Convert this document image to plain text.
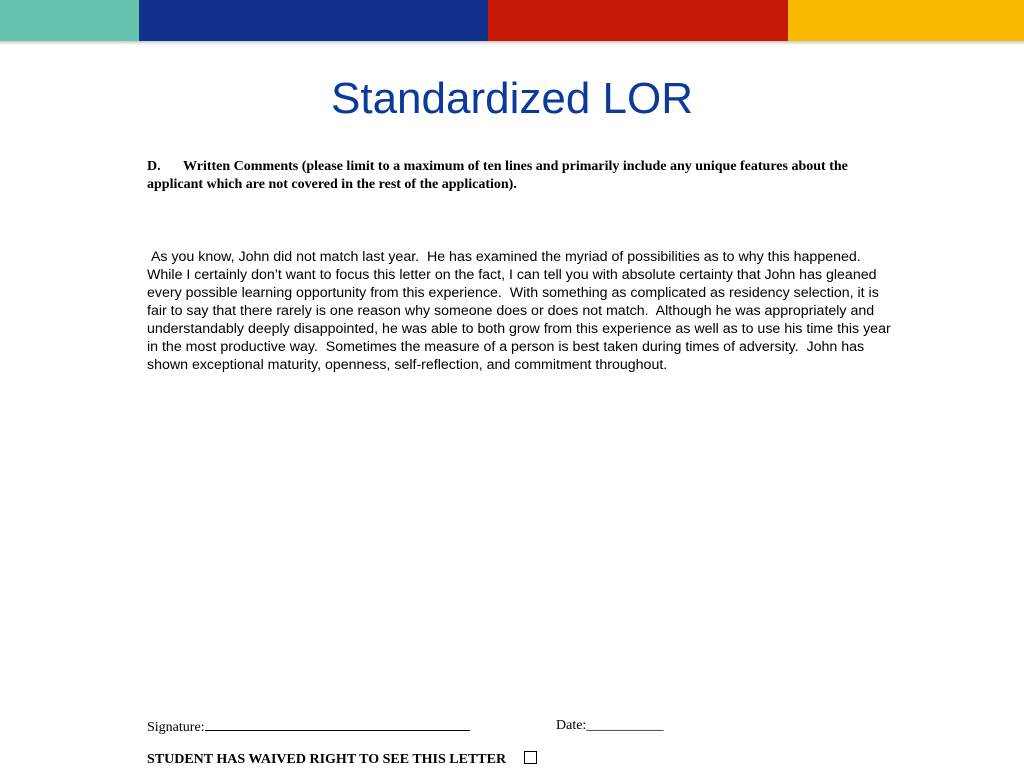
Standardized LOR
D. Written Comments (please limit to a maximum of ten lines and primarily include any unique features about the applicant which are not covered in the rest of the application).
As you know, John did not match last year.  He has examined the myriad of possibilities as to why this happened.  While I certainly don’t want to focus this letter on the fact, I can tell you with absolute certainty that John has gleaned every possible learning opportunity from this experience.  With something as complicated as residency selection, it is fair to say that there rarely is one reason why someone does or does not match.  Although he was appropriately and understandably deeply disappointed, he was able to both grow from this experience as well as to use his time this year in the most productive way.  Sometimes the measure of a person is best taken during times of adversity.  John has shown exceptional maturity, openness, self-reflection, and commitment throughout.
Signature:	Date:___________
STUDENT HAS WAIVED RIGHT TO SEE THIS LETTER
